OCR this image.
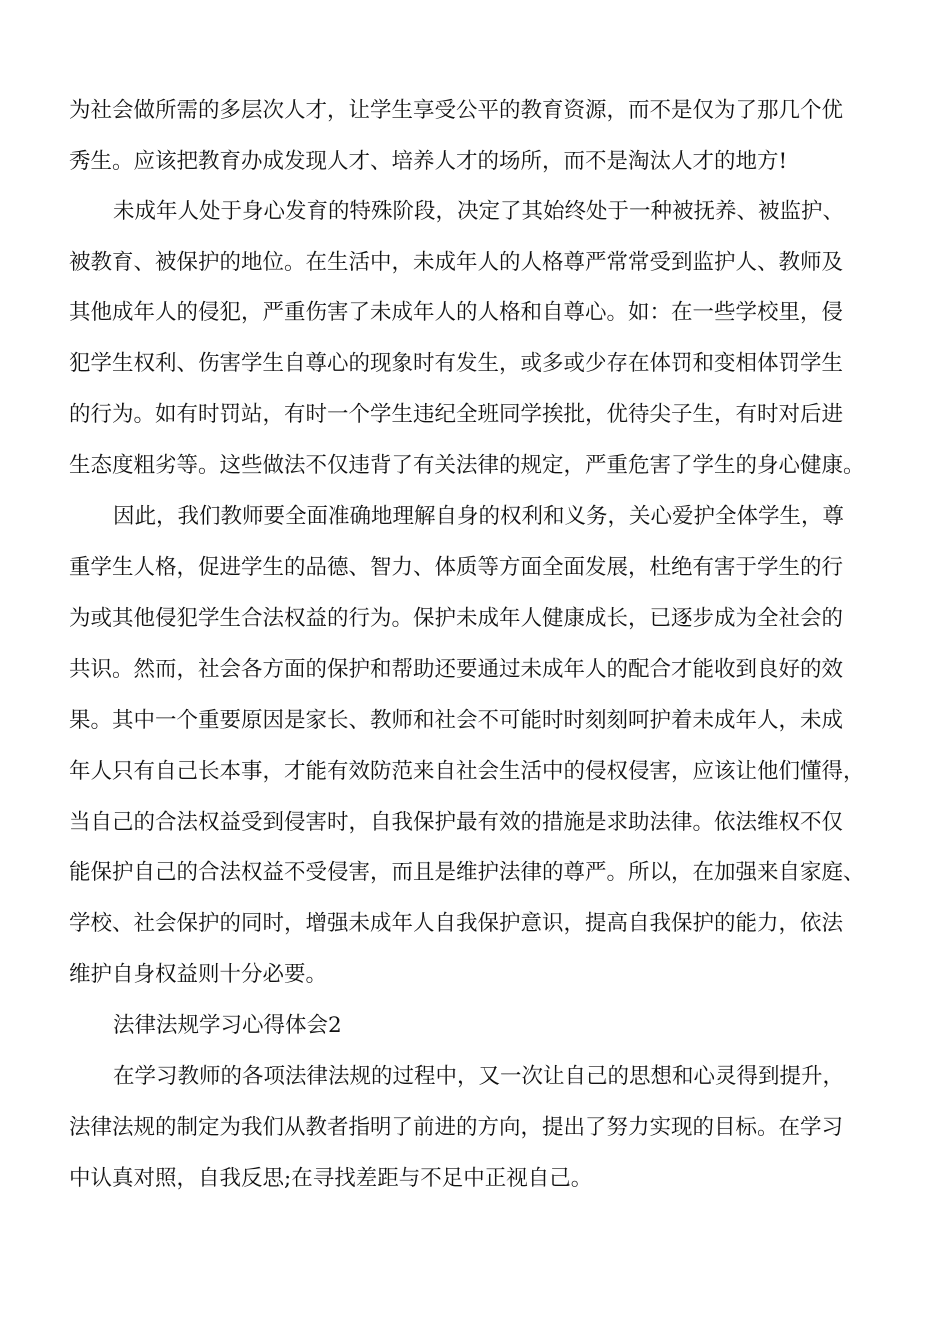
为社会做所需的多层次人才，让学生享受公平的教育资源，而不是仅为了那几个优

秀生。应该把教育办成发现人才、培养人才的场所，而不是淘汰人才的地方!

未成年人处于身心发育的特殊阶段，决定了其始终处于一种被抚养、被监护、

被教育、被保护的地位。在生活中，未成年人的人格尊严常常受到监护人、教师及

其他成年人的侵犯，严重伤害了未成年人的人格和自尊心。如：在一些学校里，侵

犯学生权利、伤害学生自尊心的现象时有发生，或多或少存在体罚和变相体罚学生

的行为。如有时罚站，有时一个学生违纪全班同学挨批，优待尖子生，有时对后进

生态度粗劣等。这些做法不仅违背了有关法律的规定，严重危害了学生的身心健康。

因此，我们教师要全面准确地理解自身的权利和义务，关心爱护全体学生，尊

重学生人格，促进学生的品德、智力、体质等方面全面发展，杜绝有害于学生的行

为或其他侵犯学生合法权益的行为。保护未成年人健康成长，已逐步成为全社会的

共识。然而，社会各方面的保护和帮助还要通过未成年人的配合才能收到良好的效

果。其中一个重要原因是家长、教师和社会不可能时时刻刻呵护着未成年人，未成

年人只有自己长本事，才能有效防范来自社会生活中的侵权侵害，应该让他们懂得，

当自己的合法权益受到侵害时，自我保护最有效的措施是求助法律。依法维权不仅

能保护自己的合法权益不受侵害，而且是维护法律的尊严。所以，在加强来自家庭、

学校、社会保护的同时，增强未成年人自我保护意识，提高自我保护的能力，依法

维护自身权益则十分必要。

法律法规学习心得体会2

在学习教师的各项法律法规的过程中，又一次让自己的思想和心灵得到提升，

法律法规的制定为我们从教者指明了前进的方向，提出了努力实现的目标。在学习

中认真对照，自我反思;在寻找差距与不足中正视自己。
